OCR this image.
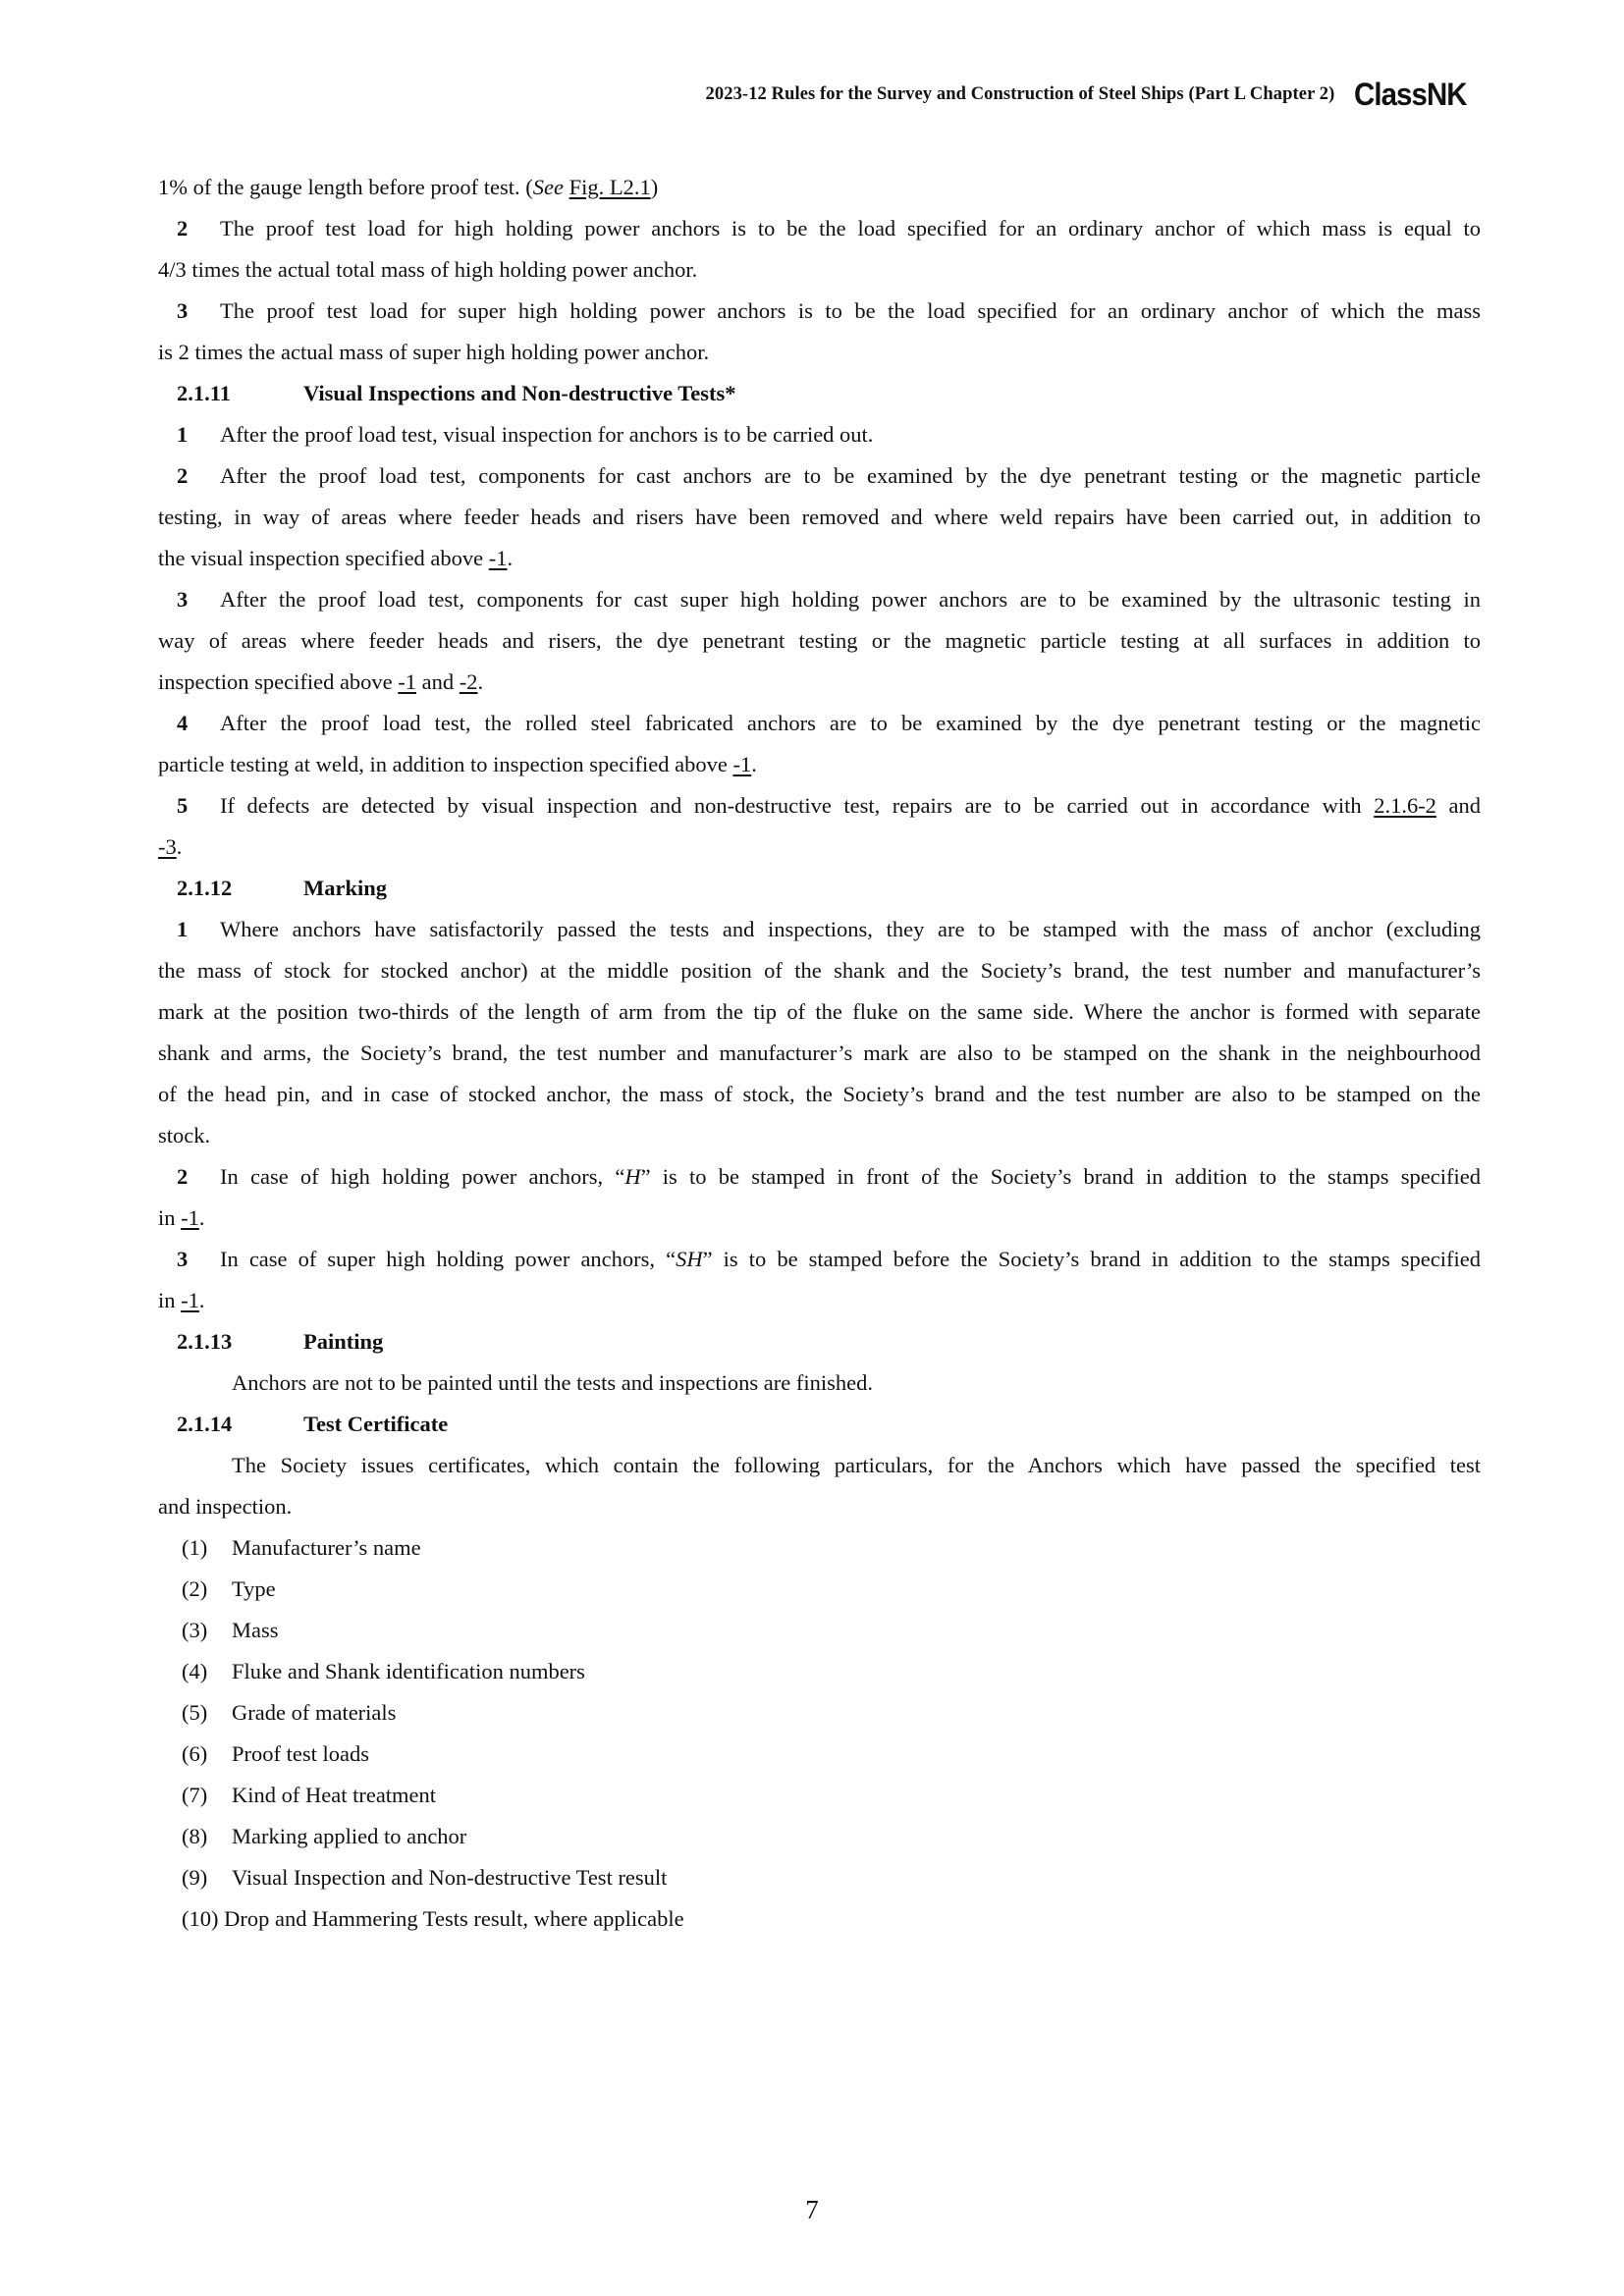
2023-12 Rules for the Survey and Construction of Steel Ships (Part L Chapter 2) ClassNK
1% of the gauge length before proof test. (See Fig. L2.1)
2 The proof test load for high holding power anchors is to be the load specified for an ordinary anchor of which mass is equal to
4/3 times the actual total mass of high holding power anchor.
3 The proof test load for super high holding power anchors is to be the load specified for an ordinary anchor of which the mass
is 2 times the actual mass of super high holding power anchor.
2.1.11	Visual Inspections and Non-destructive Tests*
1 After the proof load test, visual inspection for anchors is to be carried out.
2 After the proof load test, components for cast anchors are to be examined by the dye penetrant testing or the magnetic particle
testing, in way of areas where feeder heads and risers have been removed and where weld repairs have been carried out, in addition to
the visual inspection specified above -1.
3 After the proof load test, components for cast super high holding power anchors are to be examined by the ultrasonic testing in
way of areas where feeder heads and risers, the dye penetrant testing or the magnetic particle testing at all surfaces in addition to
inspection specified above -1 and -2.
4 After the proof load test, the rolled steel fabricated anchors are to be examined by the dye penetrant testing or the magnetic
particle testing at weld, in addition to inspection specified above -1.
5 If defects are detected by visual inspection and non-destructive test, repairs are to be carried out in accordance with 2.1.6-2 and
-3.
2.1.12	Marking
1 Where anchors have satisfactorily passed the tests and inspections, they are to be stamped with the mass of anchor (excluding
the mass of stock for stocked anchor) at the middle position of the shank and the Society’s brand, the test number and manufacturer’s
mark at the position two-thirds of the length of arm from the tip of the fluke on the same side. Where the anchor is formed with separate
shank and arms, the Society’s brand, the test number and manufacturer’s mark are also to be stamped on the shank in the neighbourhood
of the head pin, and in case of stocked anchor, the mass of stock, the Society’s brand and the test number are also to be stamped on the
stock.
2 In case of high holding power anchors, “H” is to be stamped in front of the Society’s brand in addition to the stamps specified
in -1.
3 In case of super high holding power anchors, “SH” is to be stamped before the Society’s brand in addition to the stamps specified
in -1.
2.1.13	Painting
Anchors are not to be painted until the tests and inspections are finished.
2.1.14	Test Certificate
The Society issues certificates, which contain the following particulars, for the Anchors which have passed the specified test
and inspection.
(1) Manufacturer’s name
(2) Type
(3) Mass
(4) Fluke and Shank identification numbers
(5) Grade of materials
(6) Proof test loads
(7) Kind of Heat treatment
(8) Marking applied to anchor
(9) Visual Inspection and Non-destructive Test result
(10) Drop and Hammering Tests result, where applicable
7
